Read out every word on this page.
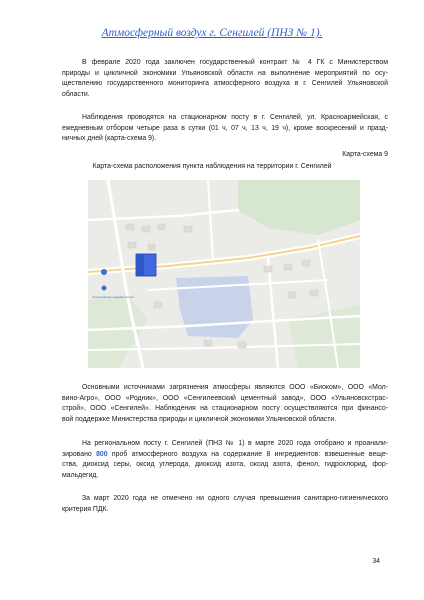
Атмосферный воздух г. Сенгилей (ПНЗ № 1).
В феврале 2020 года заключен государственный контракт № 4 ГК с Министерством
природы и цикличной экономики Ульяновской области на выполнение мероприятий по осу-
ществлению государственного мониторинга атмосферного воздуха в г. Сенгилей Ульяновской
области.
Наблюдения проводятся на стационарном посту в г. Сенгилей, ул. Красноармейская, с
ежедневным отбором четыре раза в сутки (01 ч, 07 ч, 13 ч, 19 ч), кроме воскресений и празд-
ничных дней (карта-схема 9).
Карта-схема 9
Карта-схема расположения пункта наблюдения на территории г. Сенгилей
Сенгилейская средняя школа
Основными источниками загрязнения атмосферы являются ООО «Биоком», ООО «Мол-
вино-Агро», ООО «Родник», ООО «Сенгилеевский цементный завод», ООО «Ульяновскстрас-
строй», ООО «Сенгилей». Наблюдения на стационарном посту осуществляются при финансо-
вой поддержке Министерства природы и цикличной экономики Ульяновской области.
На региональном посту г. Сенгилей (ПНЗ № 1) в марте 2020 года отобрано и проанали-
зировано 800 проб атмосферного воздуха на содержание 8 ингредиентов: взвешенные веще-
ства, диоксид серы, оксид углерода, диоксид азота, оксид азота, фенол, гидрохлорид, фор-
мальдегид.
За март 2020 года не отмечено ни одного случая превышения санитарно-гигиенического
критерия ПДК.
34
